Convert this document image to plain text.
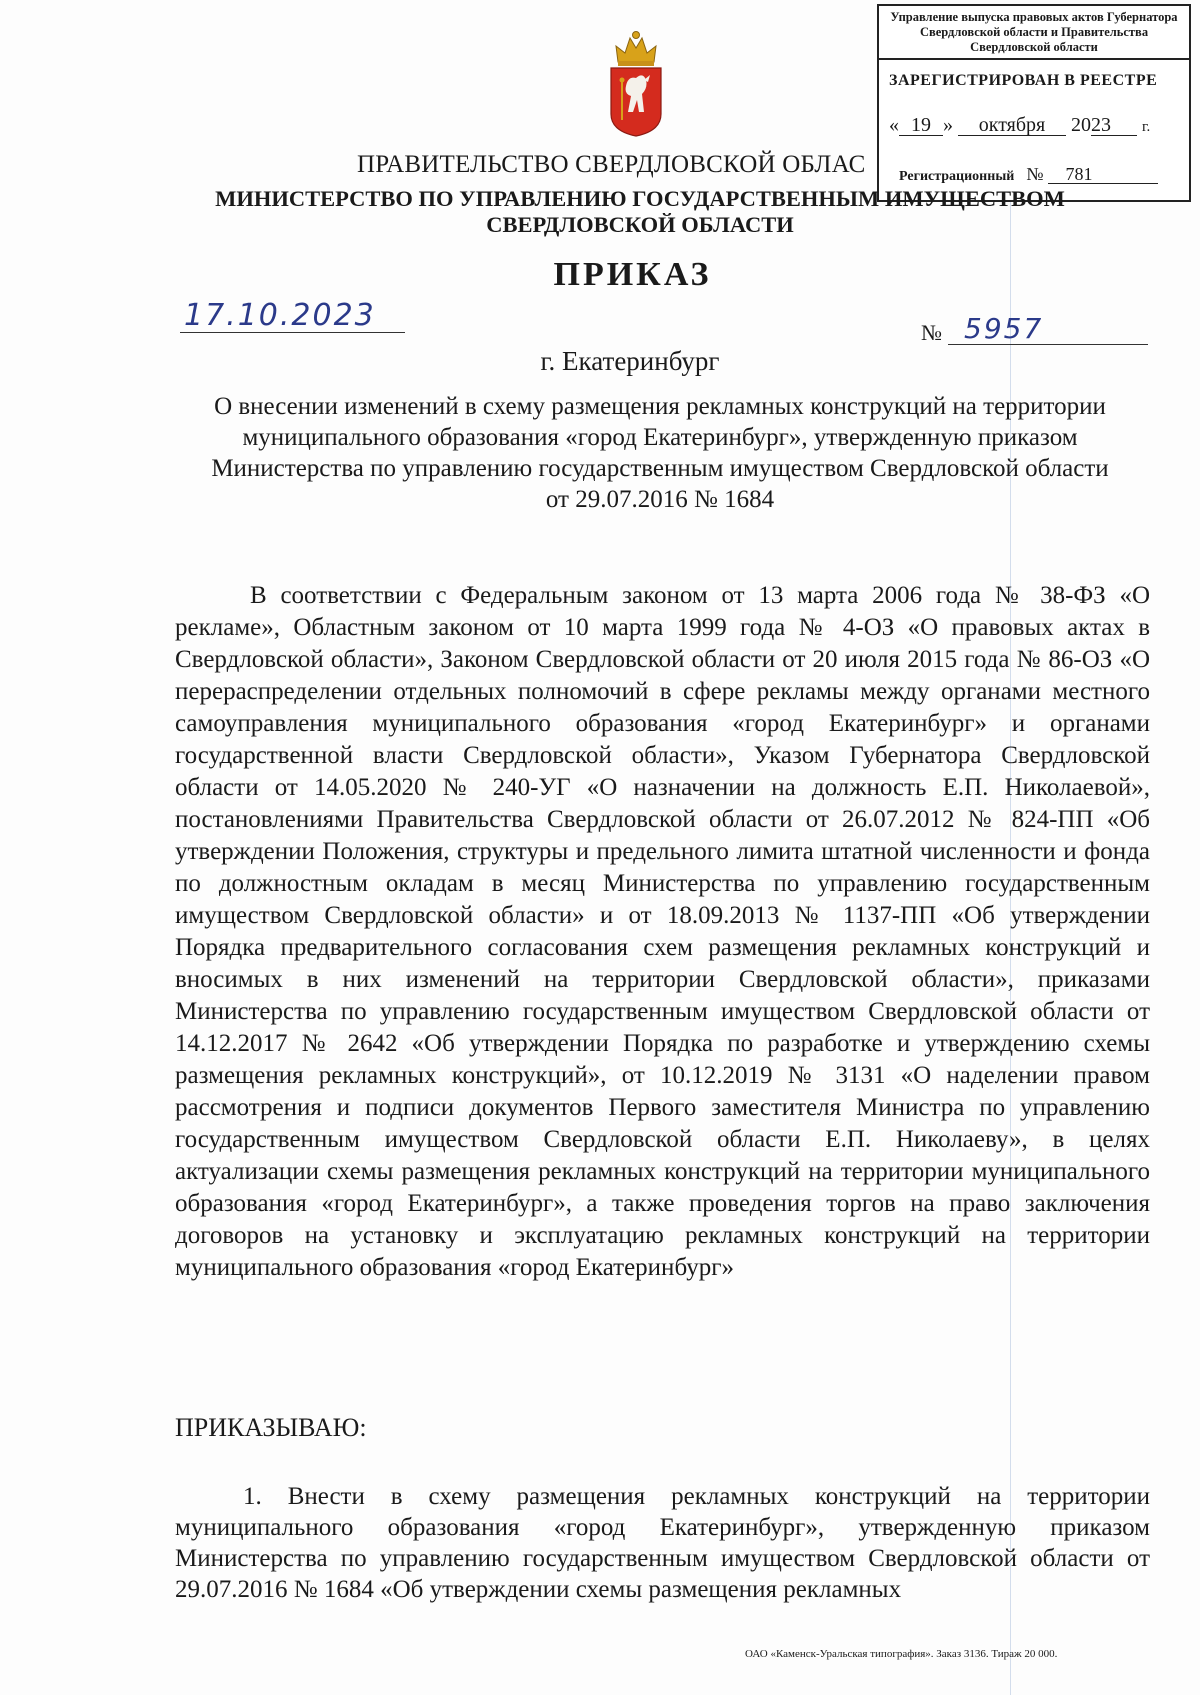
Управление выпуска правовых актов Губернатора Свердловской области и Правительства Свердловской области
ЗАРЕГИСТРИРОВАН В РЕЕСТРЕ
« 19 » октября 2023 г.
Регистрационный № 781
ПРАВИТЕЛЬСТВО СВЕРДЛОВСКОЙ ОБЛАС
МИНИСТЕРСТВО ПО УПРАВЛЕНИЮ ГОСУДАРСТВЕННЫМ ИМУЩЕСТВОМ СВЕРДЛОВСКОЙ ОБЛАСТИ
ПРИКАЗ
17.10.2023	№ 5957
г. Екатеринбург
О внесении изменений в схему размещения рекламных конструкций на территории муниципального образования «город Екатеринбург», утвержденную приказом Министерства по управлению государственным имуществом Свердловской области от 29.07.2016 № 1684

В соответствии с Федеральным законом от 13 марта 2006 года № 38-ФЗ «О рекламе», Областным законом от 10 марта 1999 года № 4-ОЗ «О правовых актах в Свердловской области», Законом Свердловской области от 20 июля 2015 года № 86-ОЗ «О перераспределении отдельных полномочий в сфере рекламы между органами местного самоуправления муниципального образования «город Екатеринбург» и органами государственной власти Свердловской области», Указом Губернатора Свердловской области от 14.05.2020 № 240-УГ «О назначении на должность Е.П. Николаевой», постановлениями Правительства Свердловской области от 26.07.2012 № 824-ПП «Об утверждении Положения, структуры и предельного лимита штатной численности и фонда по должностным окладам в месяц Министерства по управлению государственным имуществом Свердловской области» и от 18.09.2013 № 1137-ПП «Об утверждении Порядка предварительного согласования схем размещения рекламных конструкций и вносимых в них изменений на территории Свердловской области», приказами Министерства по управлению государственным имуществом Свердловской области от 14.12.2017 № 2642 «Об утверждении Порядка по разработке и утверждению схемы размещения рекламных конструкций», от 10.12.2019 № 3131 «О наделении правом рассмотрения и подписи документов Первого заместителя Министра по управлению государственным имуществом Свердловской области Е.П. Николаеву», в целях актуализации схемы размещения рекламных конструкций на территории муниципального образования «город Екатеринбург», а также проведения торгов на право заключения договоров на установку и эксплуатацию рекламных конструкций на территории муниципального образования «город Екатеринбург»

ПРИКАЗЫВАЮ:

1. Внести в схему размещения рекламных конструкций на территории муниципального образования «город Екатеринбург», утвержденную приказом Министерства по управлению государственным имуществом Свердловской области от 29.07.2016 № 1684 «Об утверждении схемы размещения рекламных

ОАО «Каменск-Уральская типография». Заказ 3136. Тираж 20 000.
